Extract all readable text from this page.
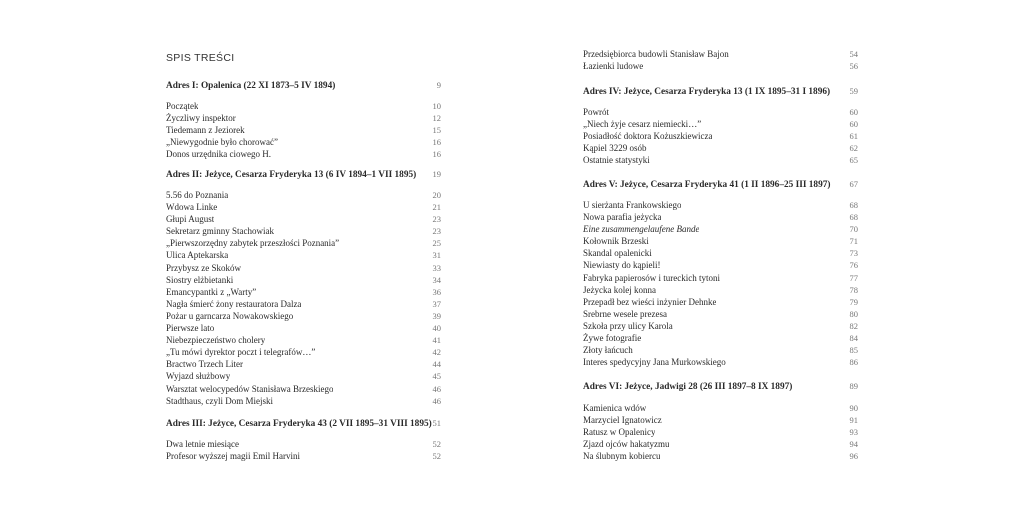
SPIS TREŚCI
Adres I: Opalenica (22 XI 1873–5 IV 1894)	9
Początek	10
Życzliwy inspektor	12
Tiedemann z Jeziorek	15
„Niewygodnie było chorować”	16
Donos urzędnika ciowego H.	16
Adres II: Jeżyce, Cesarza Fryderyka 13 (6 IV 1894–1 VII 1895) 19
5.56 do Poznania	20
Wdowa Linke	21
Głupi August	23
Sekretarz gminny Stachowiak	23
„Pierwszorzędny zabytek przeszłości Poznania”	25
Ulica Aptekarska	31
Przybysz ze Skoków	33
Siostry elżbietanki	34
Emancypantki z „Warty”	36
Nagła śmierć żony restauratora Dalza	37
Pożar u garncarza Nowakowskiego	39
Pierwsze lato	40
Niebezpieczeństwo cholery	41
„Tu mówi dyrektor poczt i telegrafów…”	42
Bractwo Trzech Liter	44
Wyjazd służbowy	45
Warsztat welocypedów Stanisława Brzeskiego	46
Stadthaus, czyli Dom Miejski	46
Adres III: Jeżyce, Cesarza Fryderyka 43 (2 VII 1895–31 VIII 1895) 51
Dwa letnie miesiące	52
Profesor wyższej magii Emil Harvini	52
Przedsiębiorca budowli Stanisław Bajon	54
Łazienki ludowe	56
Adres IV: Jeżyce, Cesarza Fryderyka 13 (1 IX 1895–31 I 1896) 59
Powrót	60
„Niech żyje cesarz niemiecki…”	60
Posiadłość doktora Kożuszkiewicza	61
Kąpiel 3229 osób	62
Ostatnie statystyki	65
Adres V: Jeżyce, Cesarza Fryderyka 41 (1 II 1896–25 III 1897) 67
U sierżanta Frankowskiego	68
Nowa parafia jeżycka	68
Eine zusammengelaufene Bande	70
Kołownik Brzeski	71
Skandal opalenicki	73
Niewiasty do kąpieli!	76
Fabryka papierosów i tureckich tytoni	77
Jeżycka kolej konna	78
Przepadł bez wieści inżynier Dehnke	79
Srebrne wesele prezesa	80
Szkoła przy ulicy Karola	82
Żywe fotografie	84
Złoty łańcuch	85
Interes spedycyjny Jana Murkowskiego	86
Adres VI: Jeżyce, Jadwigi 28 (26 III 1897–8 IX 1897)	89
Kamienica wdów	90
Marzyciel Ignatowicz	91
Ratusz w Opalenicy	93
Zjazd ojców hakatyzmu	94
Na ślubnym kobiercu	96
